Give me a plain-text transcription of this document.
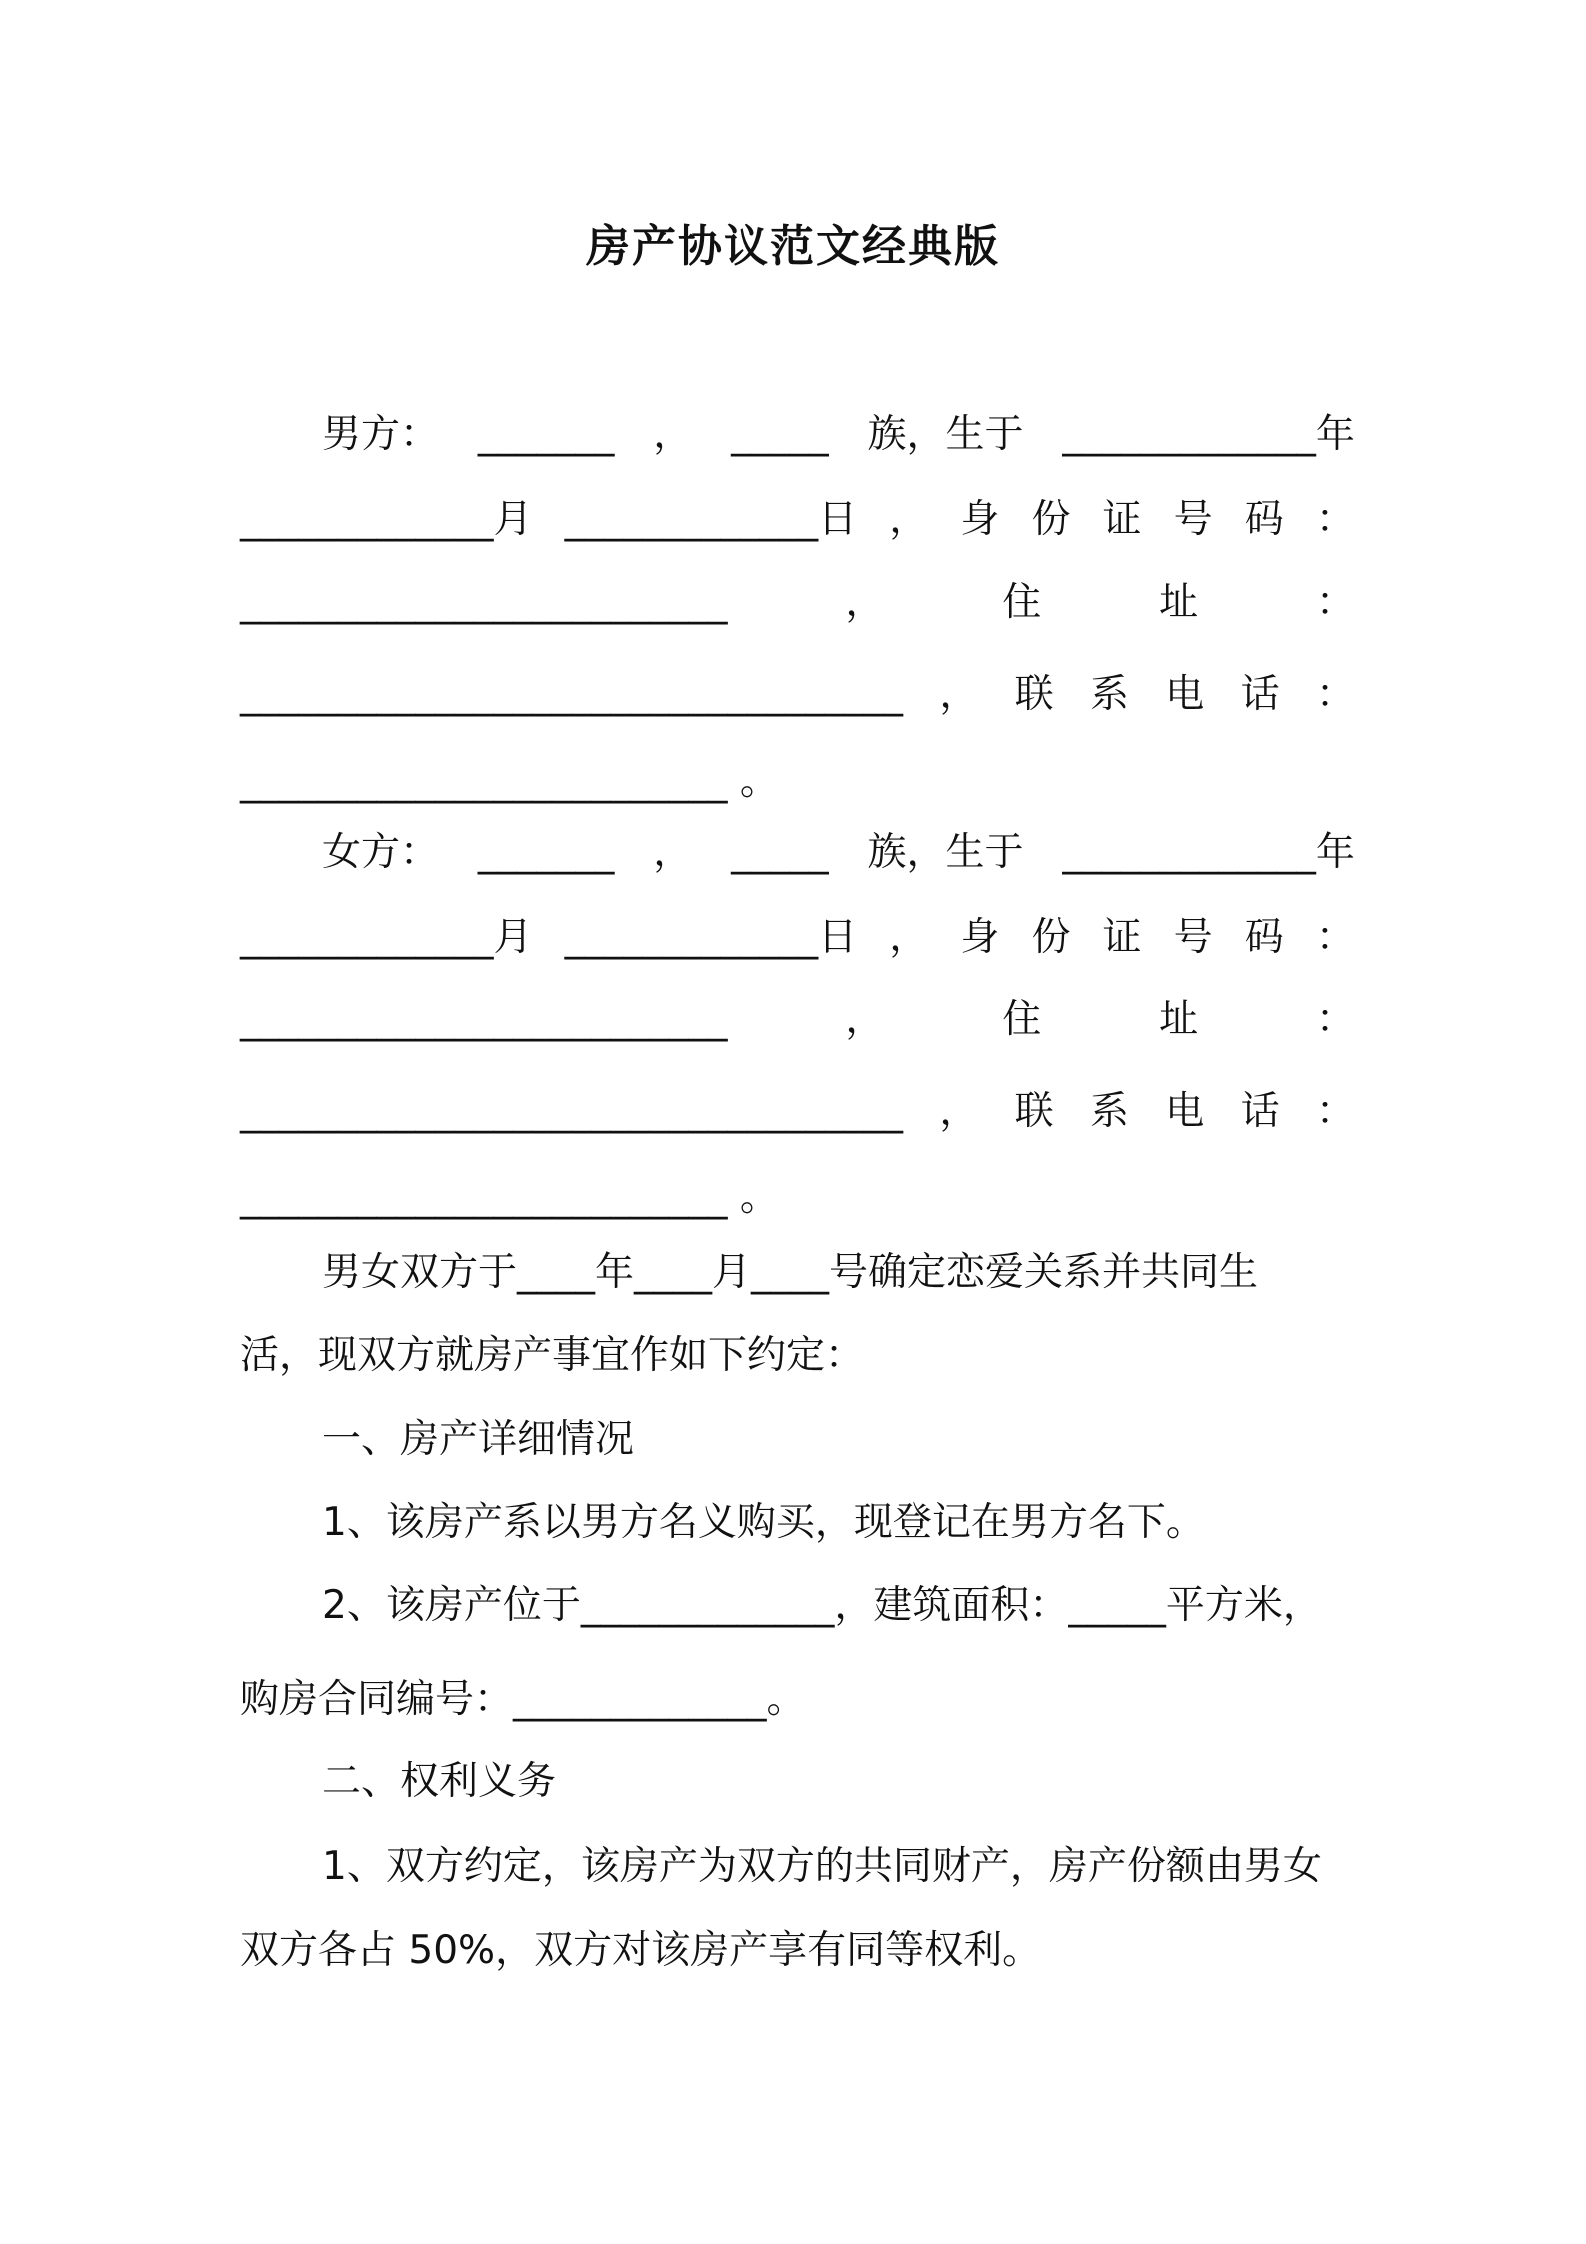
房产协议范文经典版
男方： _______ ， _____ 族，生于 _____________年
_____________月 _____________日 ， 身 份 证 号 码 ：
_________________________	，	住	址	：
__________________________________ ， 联 系 电 话 ：
_________________________ 。
女方： _______ ， _____ 族，生于 _____________年
_____________月 _____________日 ， 身 份 证 号 码 ：
_________________________	，	住	址	：
__________________________________ ， 联 系 电 话 ：
_________________________ 。
男女双方于____年____月____号确定恋爱关系并共同生
活，现双方就房产事宜作如下约定：
一、房产详细情况
1、该房产系以男方名义购买，现登记在男方名下。
2、该房产位于_____________，建筑面积：_____平方米，
购房合同编号：_____________。
二、权利义务
1、双方约定，该房产为双方的共同财产，房产份额由男女
双方各占 50%，双方对该房产享有同等权利。
